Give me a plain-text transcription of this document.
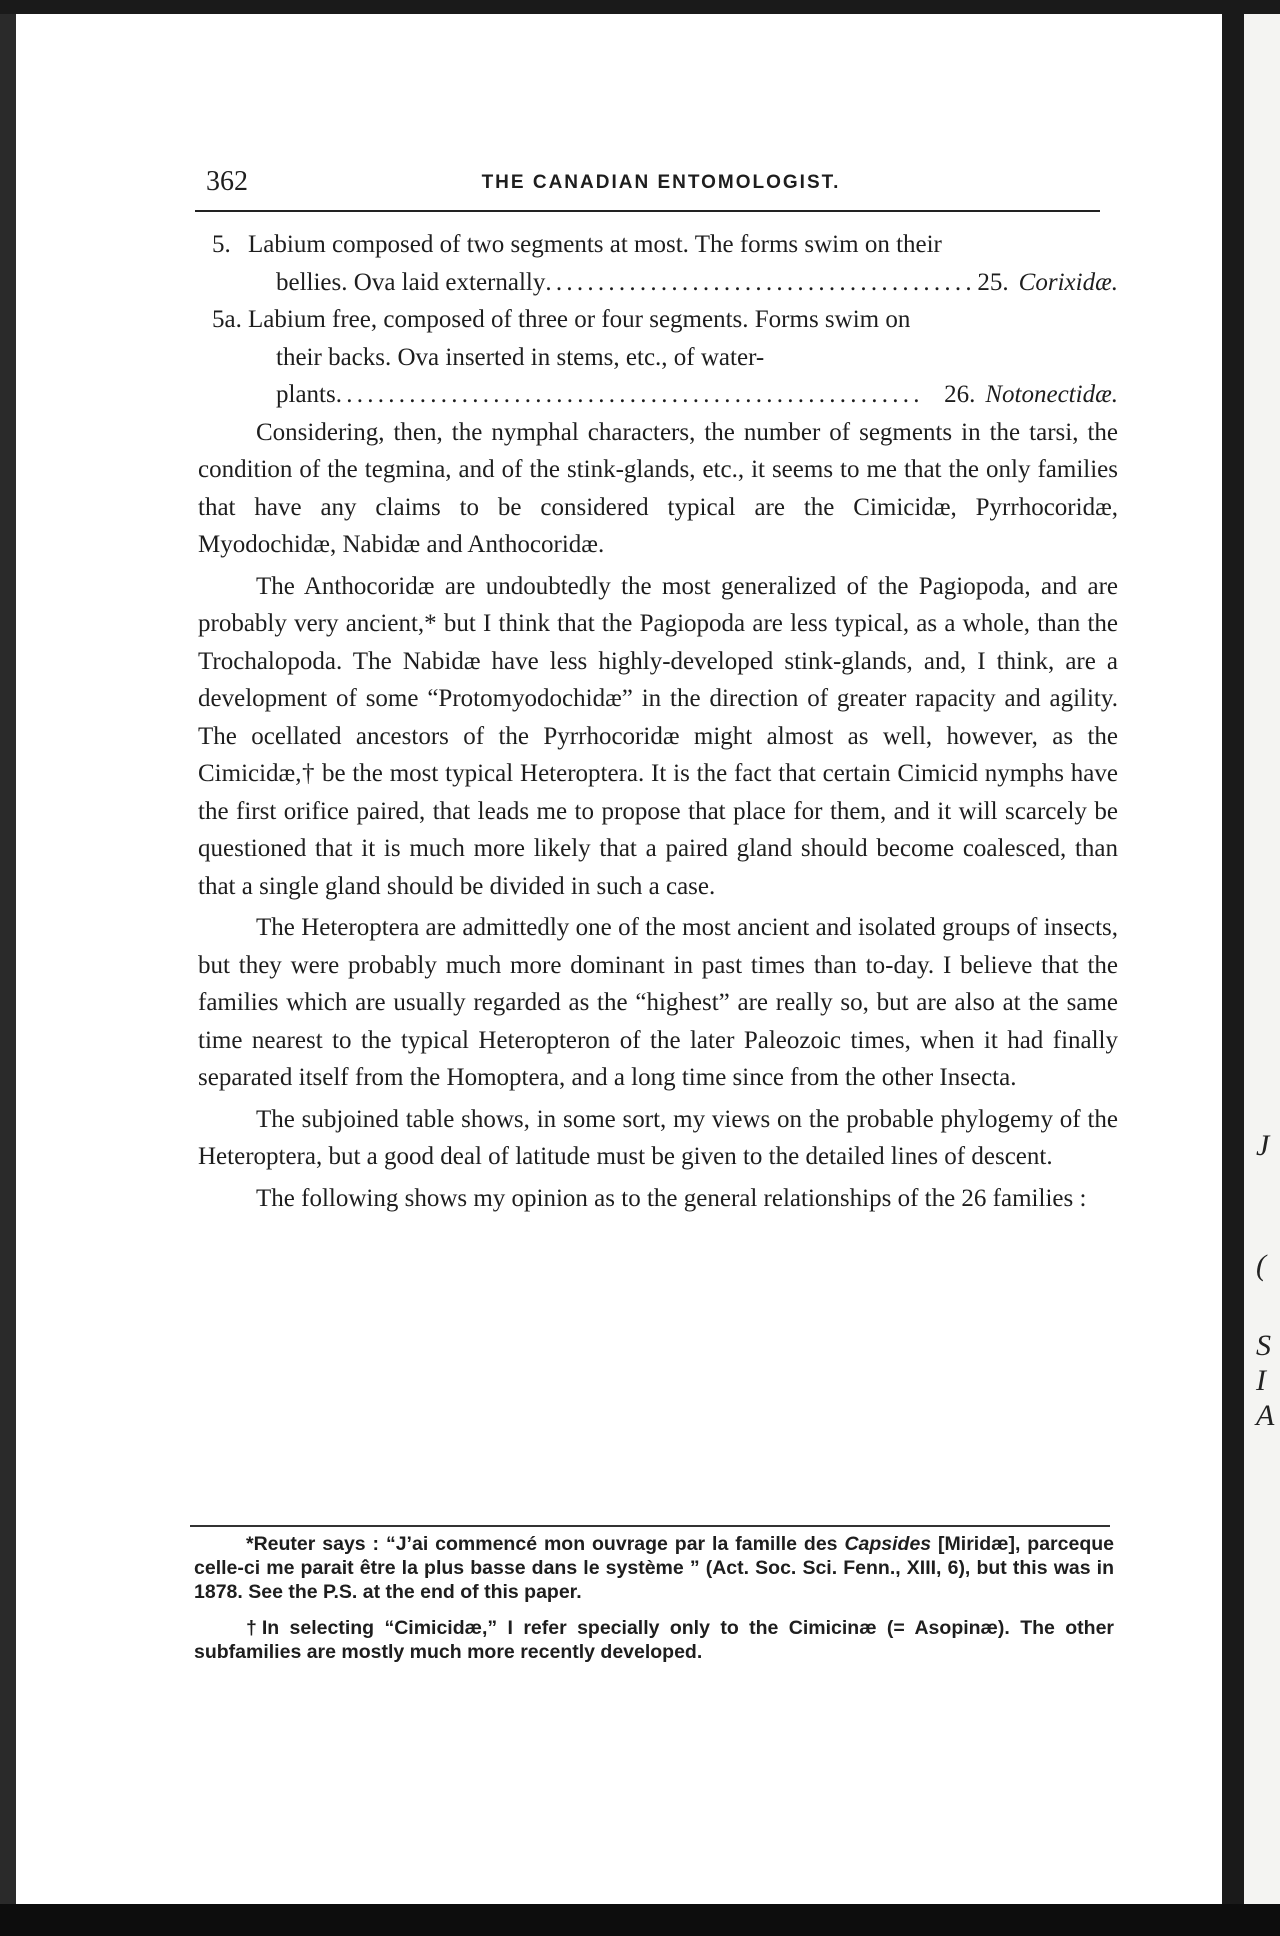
J
(
S
I
A
362	THE CANADIAN ENTOMOLOGIST.
5. Labium composed of two segments at most. The forms swim on their
bellies. Ova laid externally . . .	25. Corixidæ.
5a. Labium free, composed of three or four segments. Forms swim on
their backs. Ova inserted in stems, etc., of water-
plants . . .	26. Notonectidæ.

Considering, then, the nymphal characters, the number of segments in the tarsi, the condition of the tegmina, and of the stink-glands, etc., it seems to me that the only families that have any claims to be considered typical are the Cimicidæ, Pyrrhocoridæ, Myodochidæ, Nabidæ and Anthocoridæ.

The Anthocoridæ are undoubtedly the most generalized of the Pagiopoda, and are probably very ancient,* but I think that the Pagiopoda are less typical, as a whole, than the Trochalopoda. The Nabidæ have less highly-developed stink-glands, and, I think, are a development of some “Protomyodochidæ” in the direction of greater rapacity and agility. The ocellated ancestors of the Pyrrhocoridæ might almost as well, however, as the Cimicidæ,† be the most typical Heteroptera. It is the fact that certain Cimicid nymphs have the first orifice paired, that leads me to propose that place for them, and it will scarcely be questioned that it is much more likely that a paired gland should become coalesced, than that a single gland should be divided in such a case.

The Heteroptera are admittedly one of the most ancient and isolated groups of insects, but they were probably much more dominant in past times than to-day. I believe that the families which are usually regarded as the “highest” are really so, but are also at the same time nearest to the typical Heteropteron of the later Paleozoic times, when it had finally separated itself from the Homoptera, and a long time since from the other Insecta.

The subjoined table shows, in some sort, my views on the probable phylogemy of the Heteroptera, but a good deal of latitude must be given to the detailed lines of descent.

The following shows my opinion as to the general relationships of the 26 families :

*Reuter says : “J’ai commencé mon ouvrage par la famille des Capsides [Miridæ], parceque celle-ci me parait être la plus basse dans le système ” (Act. Soc. Sci. Fenn., XIII, 6), but this was in 1878. See the P.S. at the end of this paper.

†In selecting “Cimicidæ,” I refer specially only to the Cimicinæ (= Asopinæ). The other subfamilies are mostly much more recently developed.
